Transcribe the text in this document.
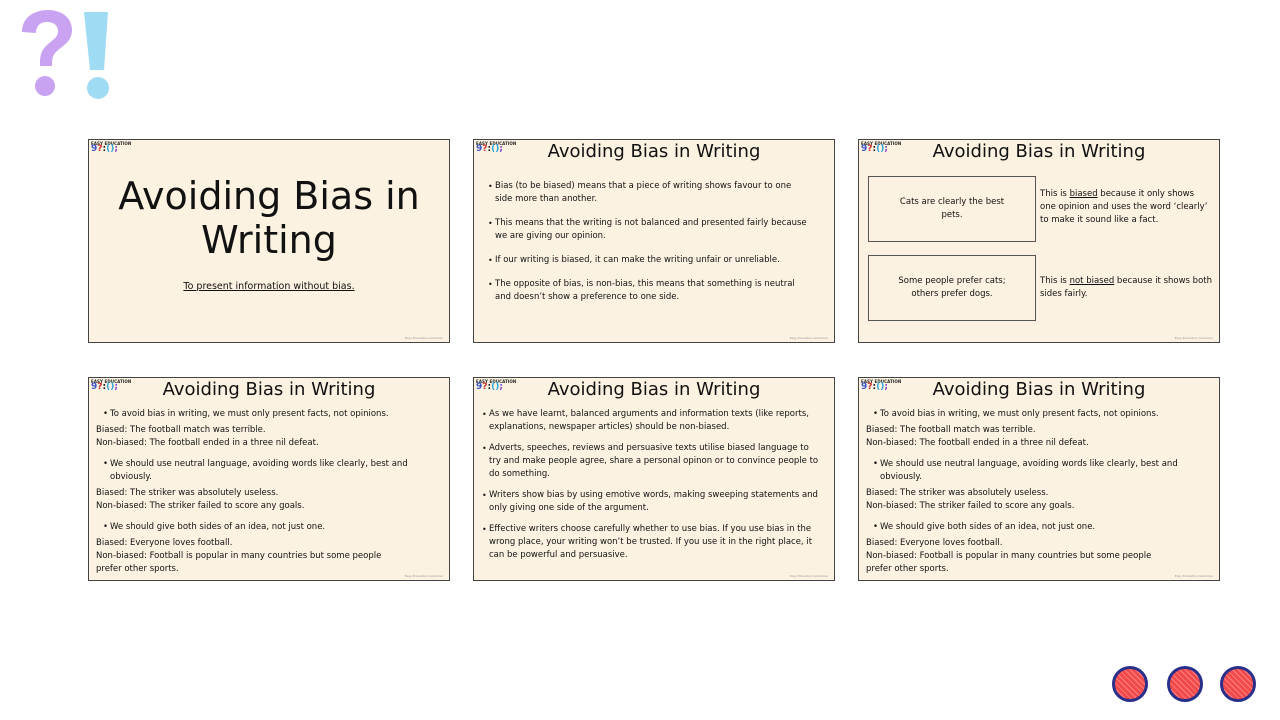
EASY EDUCATION
9?:();
Avoiding Bias in Writing
To present information without bias.
Easy Education Grammar
EASY EDUCATION
9?:();	Avoiding Bias in Writing
• Bias (to be biased) means that a piece of writing shows favour to one side more than another.
• This means that the writing is not balanced and presented fairly because we are giving our opinion.
• If our writing is biased, it can make the writing unfair or unreliable.
• The opposite of bias, is non-bias, this means that something is neutral and doesn’t show a preference to one side.
Easy Education Grammar
EASY EDUCATION
9?:();	Avoiding Bias in Writing
Cats are clearly the best pets.
This is biased because it only shows one opinion and uses the word ‘clearly’ to make it sound like a fact.
Some people prefer cats; others prefer dogs.
This is not biased because it shows both sides fairly.
Easy Education Grammar
EASY EDUCATION
9?:();	Avoiding Bias in Writing

• To avoid bias in writing, we must only present facts, not opinions.

Biased: The football match was terrible.

Non-biased: The football ended in a three nil defeat.

• We should use neutral language, avoiding words like clearly, best and obviously.

Biased: The striker was absolutely useless.

Non-biased: The striker failed to score any goals.

• We should give both sides of an idea, not just one.

Biased: Everyone loves football.

Non-biased: Football is popular in many countries but some people prefer other sports.

Easy Education Grammar
EASY EDUCATION
9?:();	Avoiding Bias in Writing
• As we have learnt, balanced arguments and information texts (like reports, explanations, newspaper articles) should be non-biased.
• Adverts, speeches, reviews and persuasive texts utilise biased language to try and make people agree, share a personal opinon or to convince people to do something.
• Writers show bias by using emotive words, making sweeping statements and only giving one side of the argument.
• Effective writers choose carefully whether to use bias. If you use bias in the wrong place, your writing won’t be trusted. If you use it in the right place, it can be powerful and persuasive.
Easy Education Grammar
EASY EDUCATION
9?:();	Avoiding Bias in Writing

• To avoid bias in writing, we must only present facts, not opinions.

Biased: The football match was terrible.

Non-biased: The football ended in a three nil defeat.

• We should use neutral language, avoiding words like clearly, best and obviously.

Biased: The striker was absolutely useless.

Non-biased: The striker failed to score any goals.

• We should give both sides of an idea, not just one.

Biased: Everyone loves football.

Non-biased: Football is popular in many countries but some people prefer other sports.

Easy Education Grammar
